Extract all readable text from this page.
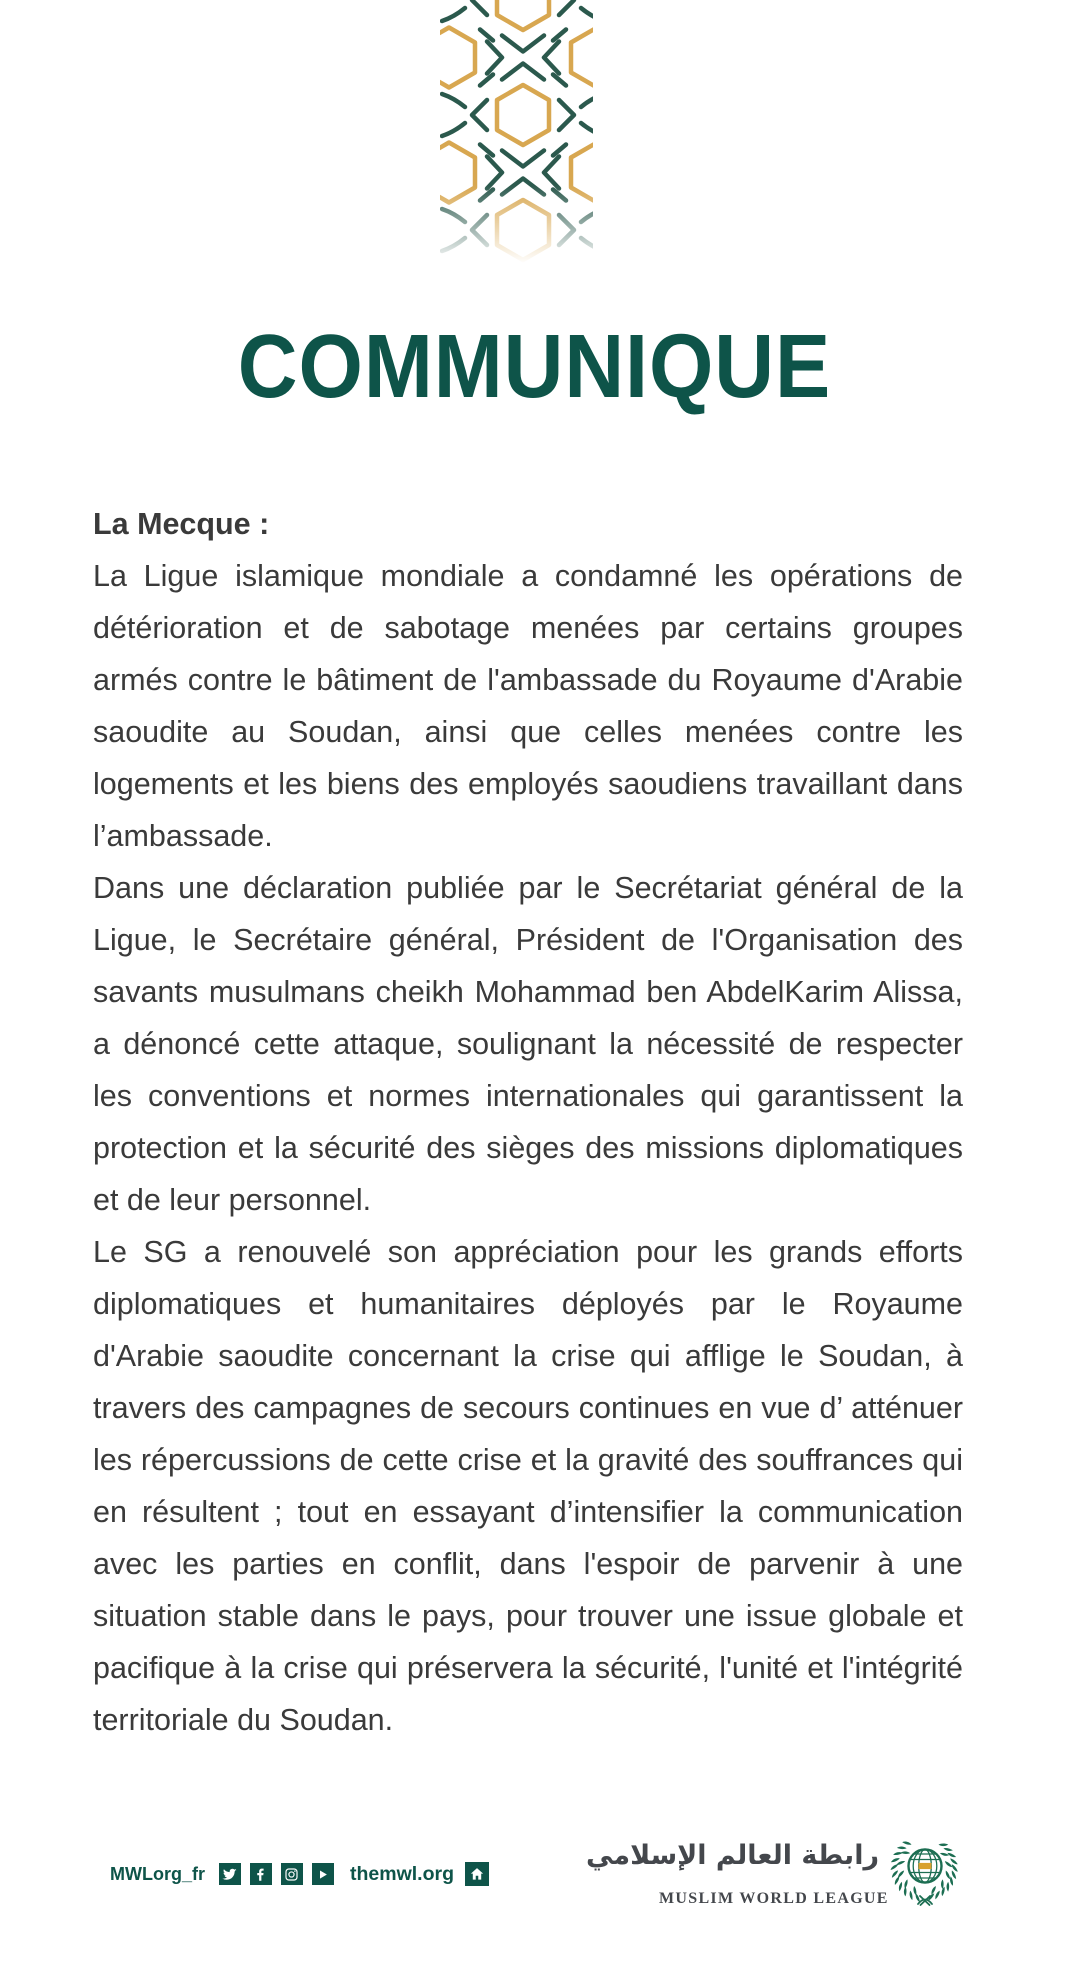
COMMUNIQUE

La Mecque :

La Ligue islamique mondiale a condamné les opérations de détérioration et de sabotage menées par certains groupes armés contre le bâtiment de l'ambassade du Royaume d'Arabie saoudite au Soudan, ainsi que celles menées contre les logements et les biens des employés saoudiens travaillant dans l’ambassade.

Dans une déclaration publiée par le Secrétariat général de la Ligue, le Secrétaire général, Président de l'Organisation des savants musulmans cheikh Mohammad ben AbdelKarim Alissa, a dénoncé cette attaque, soulignant la nécessité de respecter les conventions et normes internationales qui garantissent la protection et la sécurité des sièges des missions diplomatiques et de leur personnel.

Le SG a renouvelé son appréciation pour les grands efforts diplomatiques et humanitaires déployés par le Royaume d'Arabie saoudite concernant la crise qui afflige le Soudan, à travers des campagnes de secours continues en vue d’ atténuer les répercussions de cette crise et la gravité des souffrances qui en résultent ; tout en essayant d’intensifier la communication avec les parties en conflit, dans l'espoir de parvenir à une situation stable dans le pays, pour trouver une issue globale et pacifique à la crise qui préservera la sécurité, l'unité et l'intégrité territoriale du Soudan.

MWLorg_fr	themwl.org
رابطة العالم الإسلامي
MUSLIM WORLD LEAGUE
